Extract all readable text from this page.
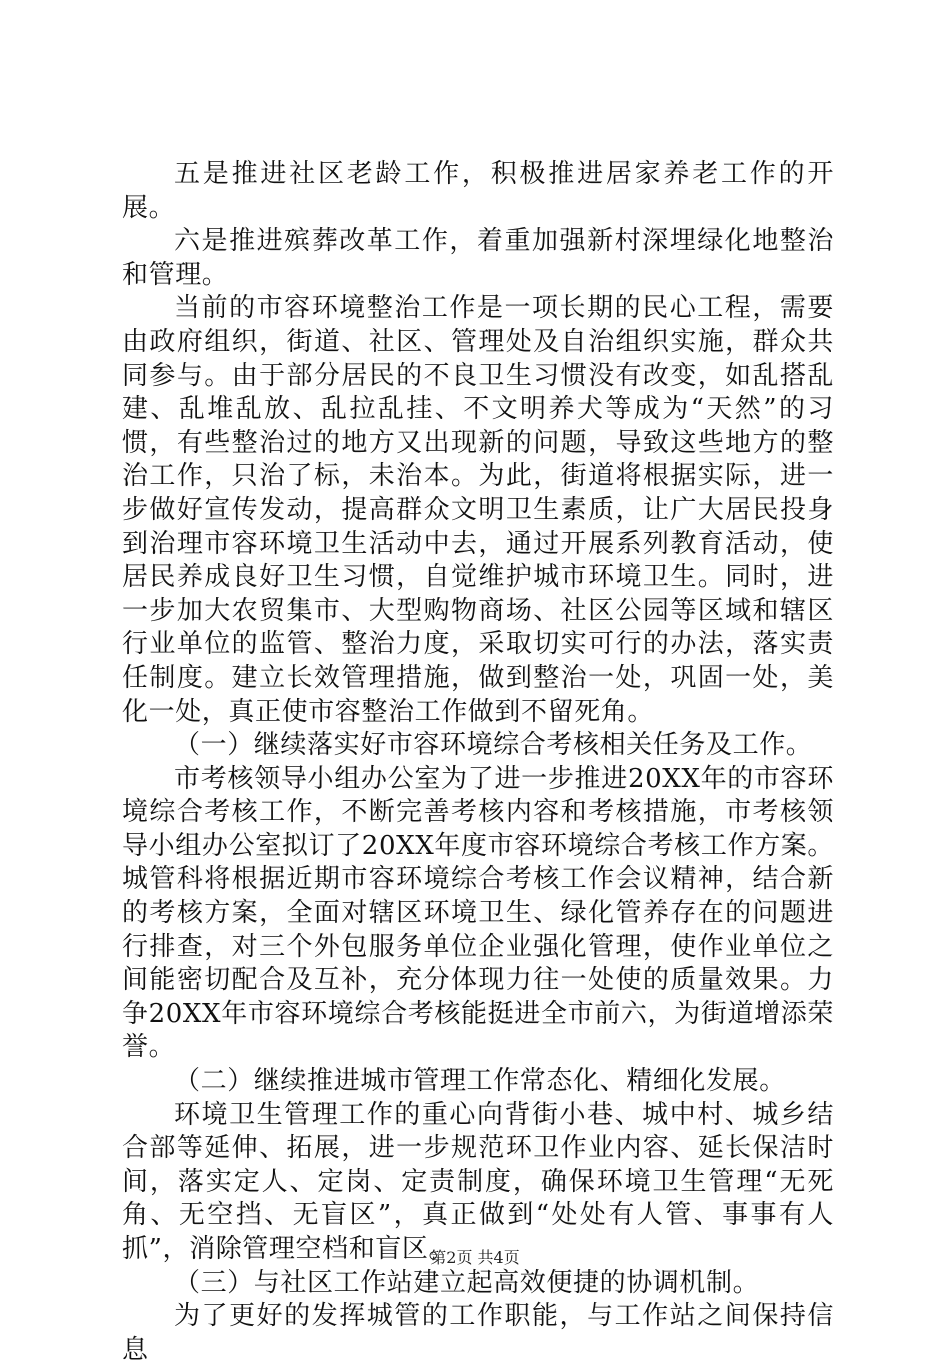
五是推进社区老龄工作，积极推进居家养老工作的开展。

六是推进殡葬改革工作，着重加强新村深埋绿化地整治和管理。

当前的市容环境整治工作是一项长期的民心工程，需要由政府组织，街道、社区、管理处及自治组织实施，群众共同参与。由于部分居民的不良卫生习惯没有改变，如乱搭乱建、乱堆乱放、乱拉乱挂、不文明养犬等成为“天然”的习惯，有些整治过的地方又出现新的问题，导致这些地方的整治工作，只治了标，未治本。为此，街道将根据实际，进一步做好宣传发动，提高群众文明卫生素质，让广大居民投身到治理市容环境卫生活动中去，通过开展系列教育活动，使居民养成良好卫生习惯，自觉维护城市环境卫生。同时，进一步加大农贸集市、大型购物商场、社区公园等区域和辖区行业单位的监管、整治力度，采取切实可行的办法，落实责任制度。建立长效管理措施，做到整治一处，巩固一处，美化一处，真正使市容整治工作做到不留死角。

（一）继续落实好市容环境综合考核相关任务及工作。

市考核领导小组办公室为了进一步推进20XX年的市容环境综合考核工作，不断完善考核内容和考核措施，市考核领导小组办公室拟订了20XX年度市容环境综合考核工作方案。城管科将根据近期市容环境综合考核工作会议精神，结合新的考核方案，全面对辖区环境卫生、绿化管养存在的问题进行排查，对三个外包服务单位企业强化管理，使作业单位之间能密切配合及互补，充分体现力往一处使的质量效果。力争20XX年市容环境综合考核能挺进全市前六，为街道增添荣誉。

（二）继续推进城市管理工作常态化、精细化发展。

环境卫生管理工作的重心向背街小巷、城中村、城乡结合部等延伸、拓展，进一步规范环卫作业内容、延长保洁时间，落实定人、定岗、定责制度，确保环境卫生管理“无死角、无空挡、无盲区”，真正做到“处处有人管、事事有人抓”，消除管理空档和盲区。

（三）与社区工作站建立起高效便捷的协调机制。

为了更好的发挥城管的工作职能，与工作站之间保持信息

第2页 共4页
